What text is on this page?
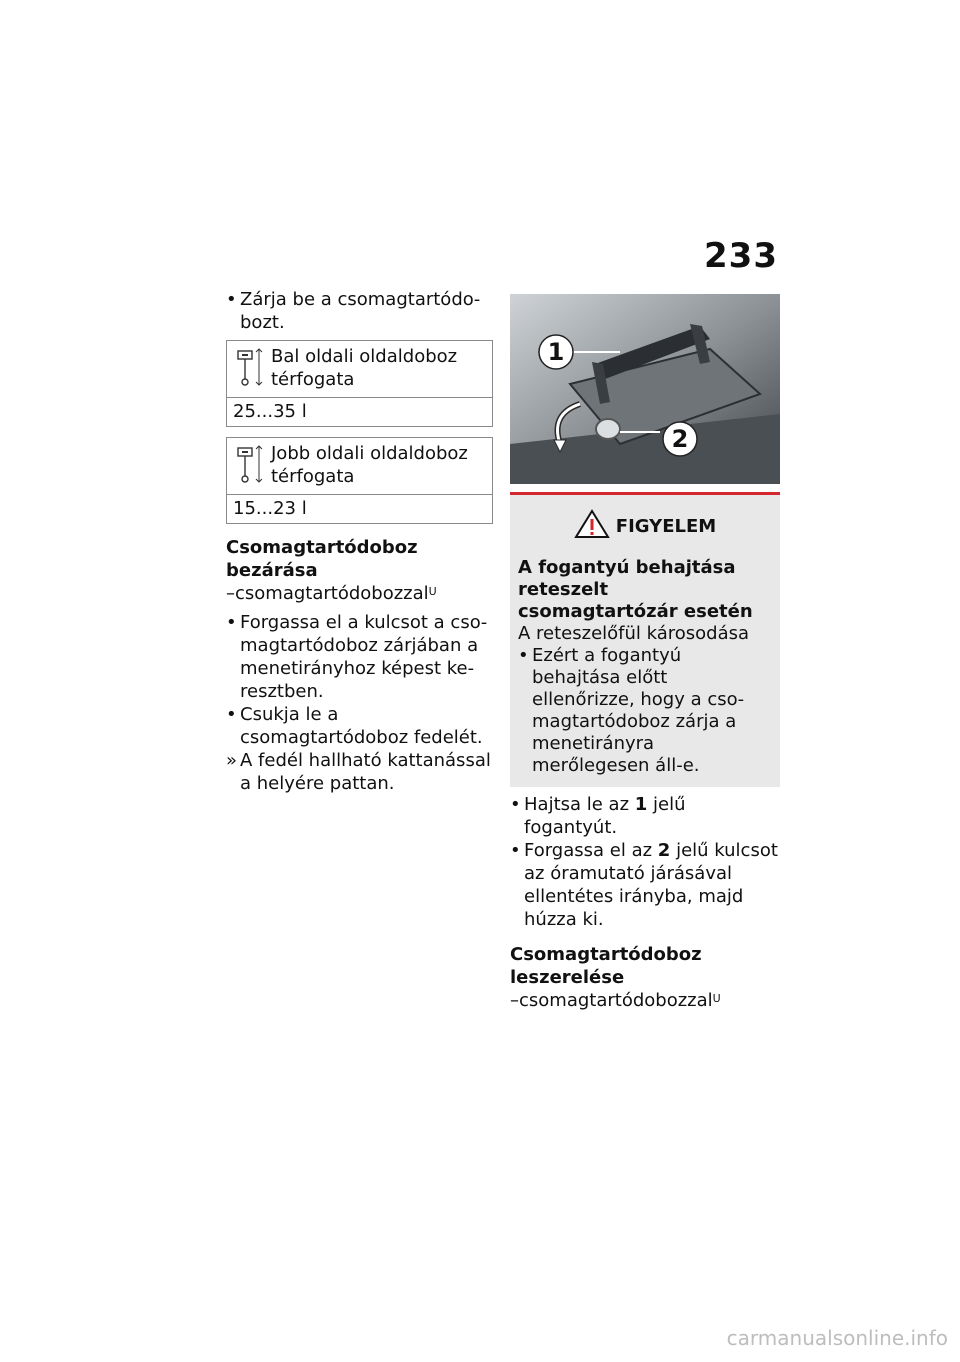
233
• Zárja be a csomagtartódobozt.
Bal oldali oldaldoboz térfogata
25...35 l
Jobb oldali oldaldoboz térfogata
15...23 l
Csomagtartódoboz bezárása
–csomagtartódobozzal$^U$
• Forgassa el a kulcsot a csomagtartódoboz zárjában a menetirányhoz képest keresztben.
• Csukja le a csomagtartódoboz fedelét.
» A fedél hallható kattanással a helyére pattan.
1
2
FIGYELEM
A fogantyú behajtása reteszelt csomagtartózár esetén
A reteszelőfül károsodása
• Ezért a fogantyú behajtása előtt ellenőrizze, hogy a csomagtartódoboz zárja a menetirányra merőlegesen áll-e.
• Hajtsa le az 1 jelű fogantyút.
• Forgassa el az 2 jelű kulcsot az óramutató járásával ellentétes irányba, majd húzza ki.
Csomagtartódoboz leszerelése
–csomagtartódobozzal$^U$
carmanualsonline.info
